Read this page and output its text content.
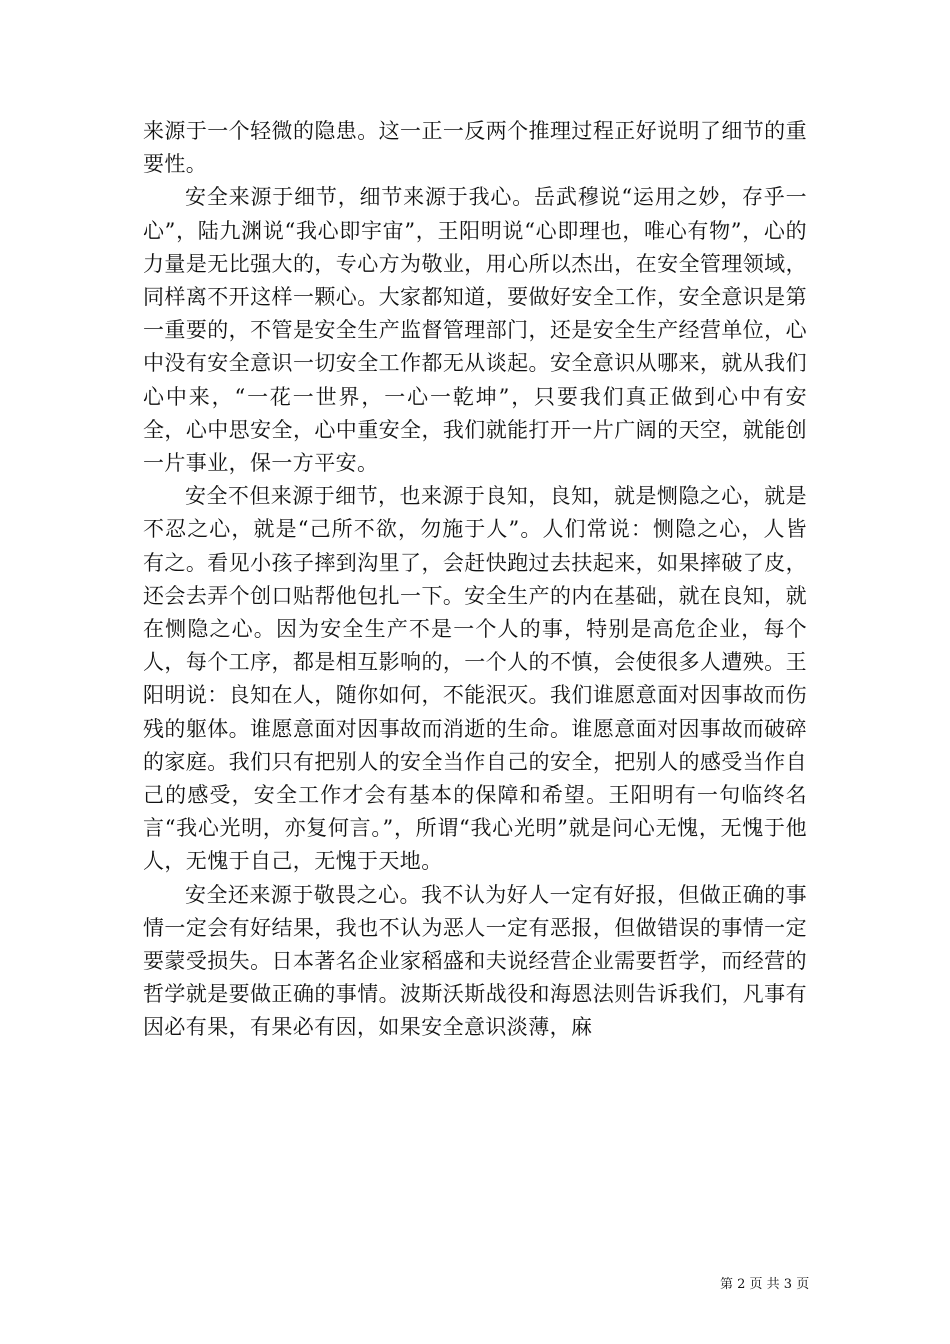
来源于一个轻微的隐患。这一正一反两个推理过程正好说明了细节的重要性。

安全来源于细节，细节来源于我心。岳武穆说“运用之妙，存乎一心”，陆九渊说“我心即宇宙”，王阳明说“心即理也，唯心有物”，心的力量是无比强大的，专心方为敬业，用心所以杰出，在安全管理领域，同样离不开这样一颗心。大家都知道，要做好安全工作，安全意识是第一重要的，不管是安全生产监督管理部门，还是安全生产经营单位，心中没有安全意识一切安全工作都无从谈起。安全意识从哪来，就从我们心中来，“一花一世界，一心一乾坤”，只要我们真正做到心中有安全，心中思安全，心中重安全，我们就能打开一片广阔的天空，就能创一片事业，保一方平安。

安全不但来源于细节，也来源于良知，良知，就是恻隐之心，就是不忍之心，就是“己所不欲，勿施于人”。人们常说：恻隐之心，人皆有之。看见小孩子摔到沟里了，会赶快跑过去扶起来，如果摔破了皮，还会去弄个创口贴帮他包扎一下。安全生产的内在基础，就在良知，就在恻隐之心。因为安全生产不是一个人的事，特别是高危企业，每个人，每个工序，都是相互影响的，一个人的不慎，会使很多人遭殃。王阳明说：良知在人，随你如何，不能泯灭。我们谁愿意面对因事故而伤残的躯体。谁愿意面对因事故而消逝的生命。谁愿意面对因事故而破碎的家庭。我们只有把别人的安全当作自己的安全，把别人的感受当作自己的感受，安全工作才会有基本的保障和希望。王阳明有一句临终名言“我心光明，亦复何言。”，所谓“我心光明”就是问心无愧，无愧于他人，无愧于自己，无愧于天地。

安全还来源于敬畏之心。我不认为好人一定有好报，但做正确的事情一定会有好结果，我也不认为恶人一定有恶报，但做错误的事情一定要蒙受损失。日本著名企业家稻盛和夫说经营企业需要哲学，而经营的哲学就是要做正确的事情。波斯沃斯战役和海恩法则告诉我们，凡事有因必有果，有果必有因，如果安全意识淡薄，麻

第 2 页 共 3 页
